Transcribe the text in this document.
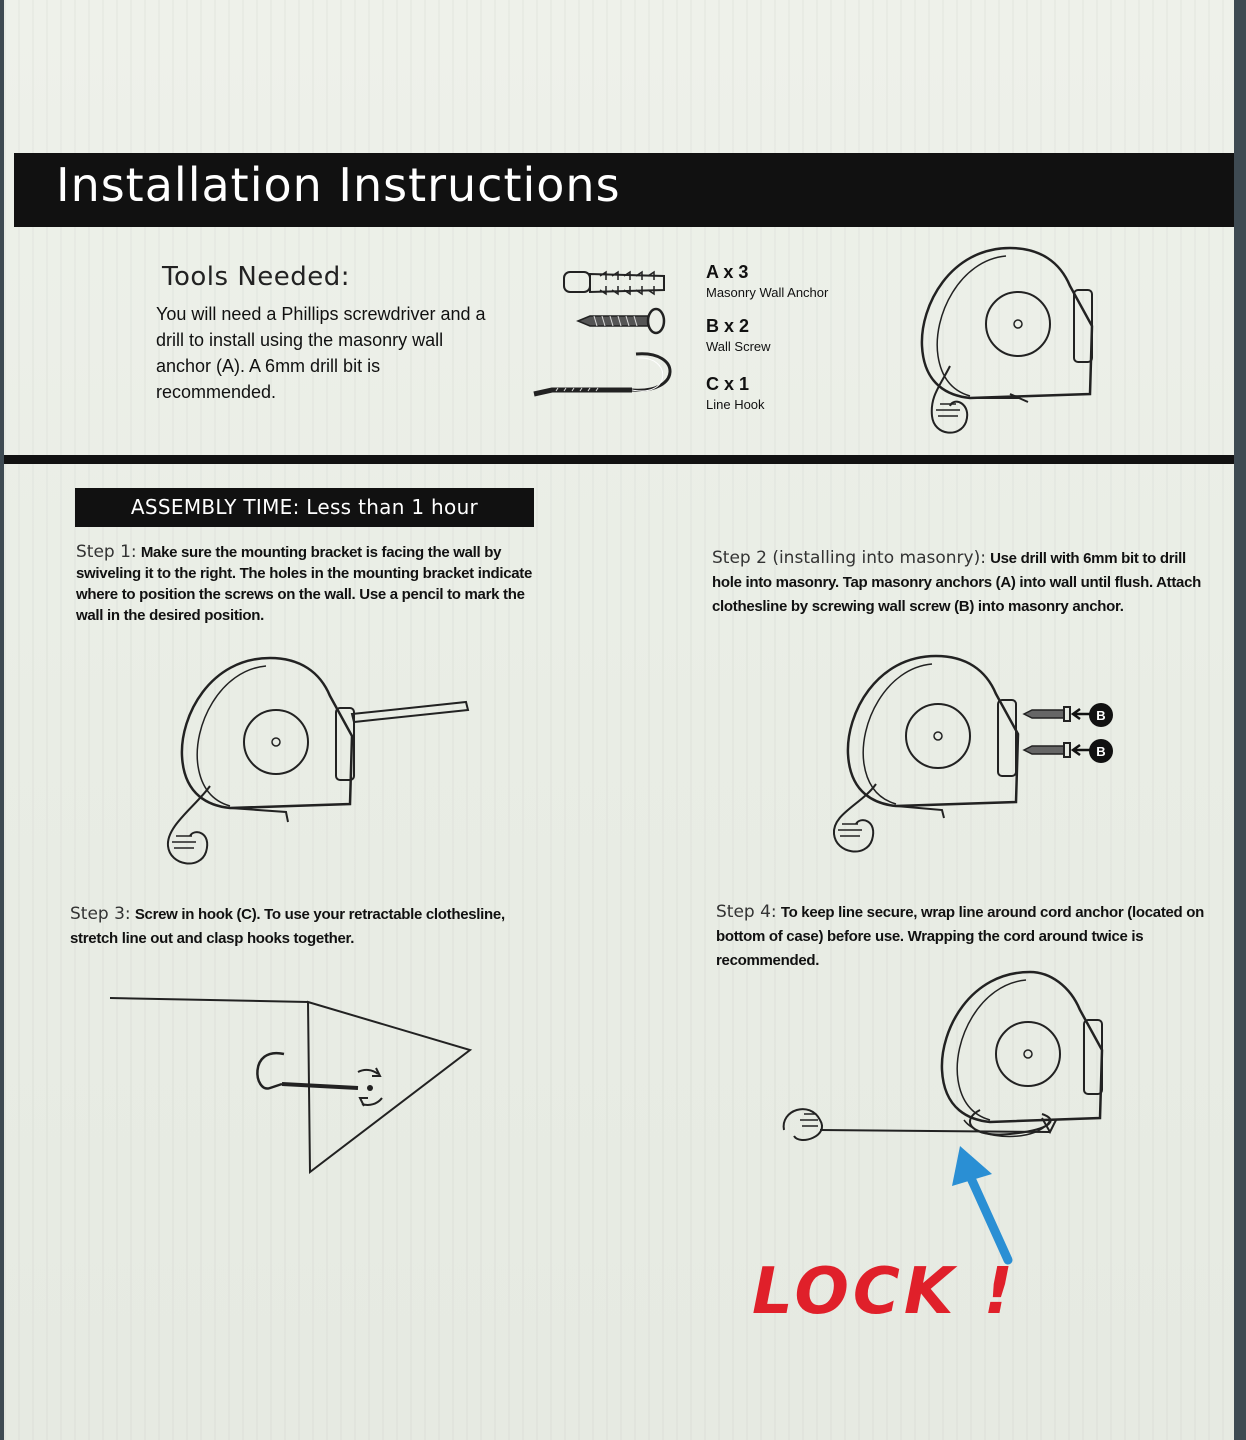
Installation Instructions
Tools Needed:
You will need a Phillips screwdriver and a drill to install using the masonry wall anchor (A). A 6mm drill bit is recommended.
A x 3
Masonry Wall Anchor
B x 2
Wall Screw
C x 1
Line Hook
ASSEMBLY TIME: Less than 1 hour
Step 1: Make sure the mounting bracket is facing the wall by swiveling it to the right. The holes in the mounting bracket indicate where to position the screws on the wall. Use a pencil to mark the wall in the desired position.
Step 2 (installing into masonry): Use drill with 6mm bit to drill hole into masonry. Tap masonry anchors (A) into wall until flush. Attach clothesline by screwing wall screw (B) into masonry anchor.
B
B
Step 3: Screw in hook (C). To use your retractable clothesline, stretch line out and clasp hooks together.
Step 4: To keep line secure, wrap line around cord anchor (located on bottom of case) before use. Wrapping the cord around twice is recommended.
LOCK !
